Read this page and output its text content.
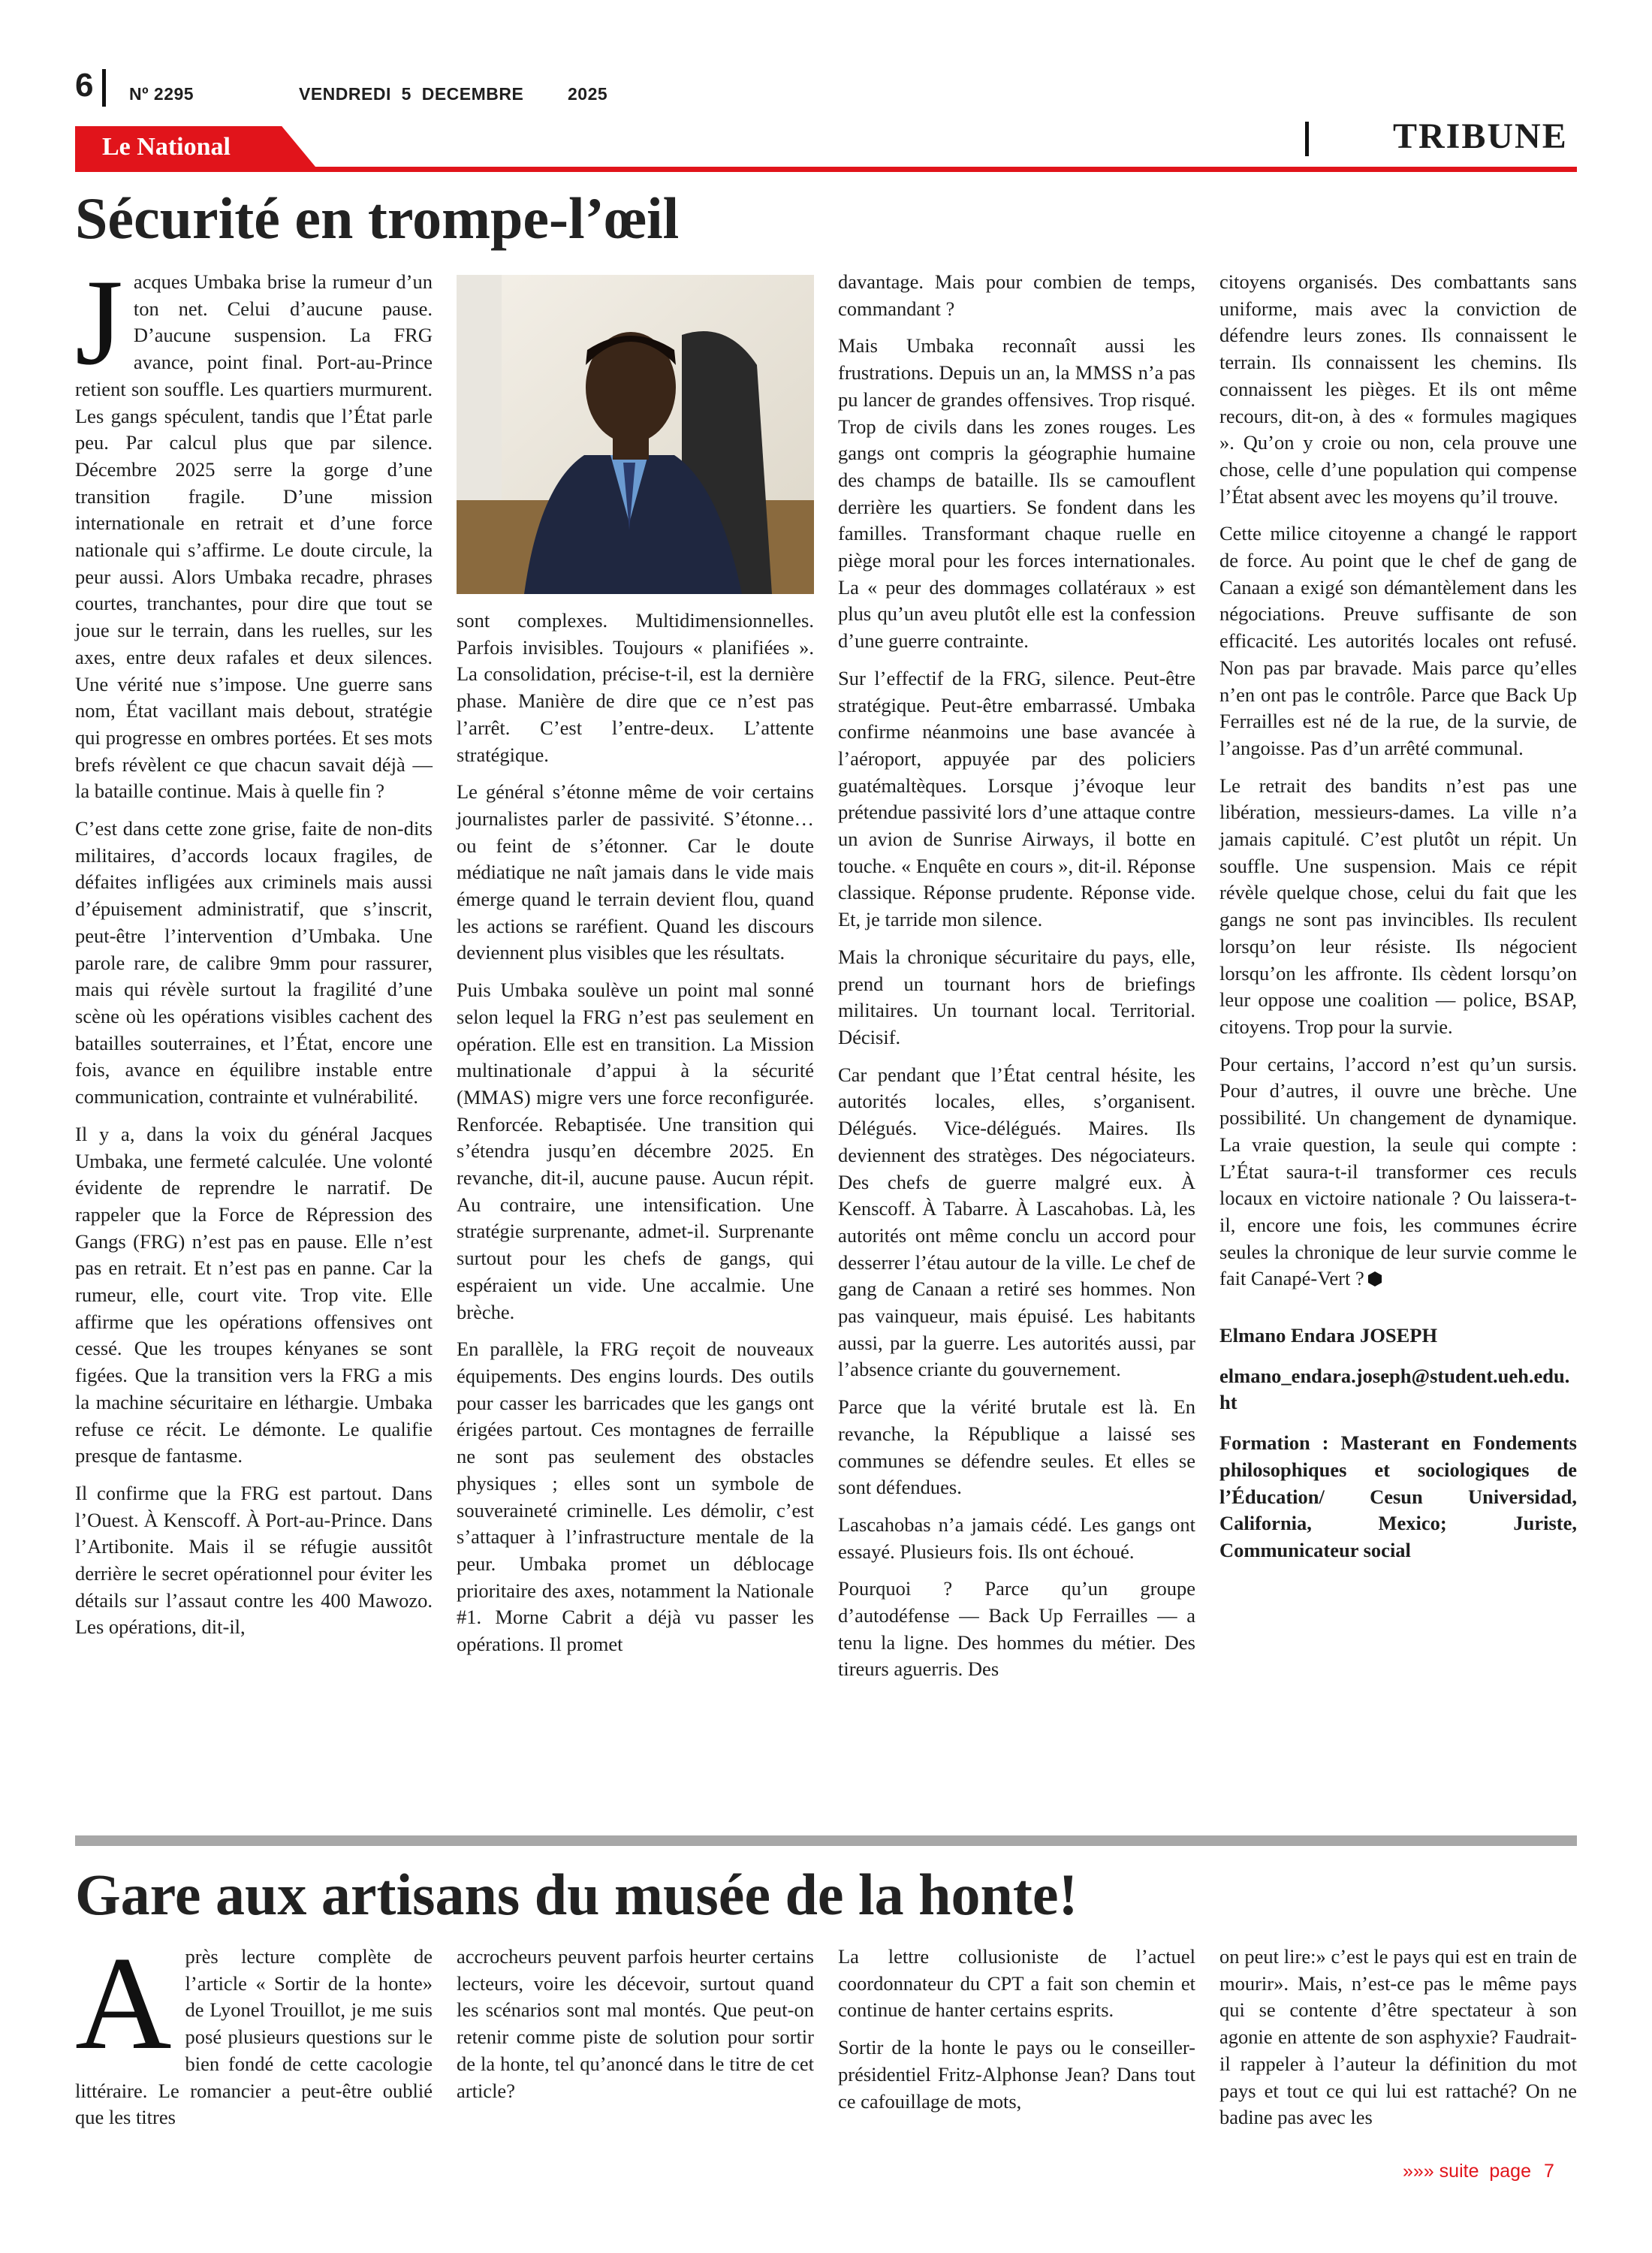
6 Nº 2295	VENDREDI  5  DECEMBRE	2025
Le National	TRIBUNE
Sécurité en trompe-l’œil

Jacques Umbaka brise la rumeur d’un ton net. Celui d’aucune pause. D’aucune suspension. La FRG avance, point final. Port-au-Prince retient son souffle. Les quartiers murmurent. Les gangs spéculent, tandis que l’État parle peu. Par calcul plus que par silence. Décembre 2025 serre la gorge d’une transition fragile. D’une mission internationale en retrait et d’une force nationale qui s’affirme. Le doute circule, la peur aussi. Alors Umbaka recadre, phrases courtes, tranchantes, pour dire que tout se joue sur le terrain, dans les ruelles, sur les axes, entre deux rafales et deux silences. Une vérité nue s’impose. Une guerre sans nom, État vacillant mais debout, stratégie qui progresse en ombres portées. Et ses mots brefs révèlent ce que chacun savait déjà — la bataille continue. Mais à quelle fin ?

C’est dans cette zone grise, faite de non-dits militaires, d’accords locaux fragiles, de défaites infligées aux criminels mais aussi d’épuisement administratif, que s’inscrit, peut-être l’intervention d’Umbaka. Une parole rare, de calibre 9mm pour rassurer, mais qui révèle surtout la fragilité d’une scène où les opérations visibles cachent des batailles souterraines, et l’État, encore une fois, avance en équilibre instable entre communication, contrainte et vulnérabilité.

Il y a, dans la voix du général Jacques Umbaka, une fermeté calculée. Une volonté évidente de reprendre le narratif. De rappeler que la Force de Répression des Gangs (FRG) n’est pas en pause. Elle n’est pas en retrait. Et n’est pas en panne. Car la rumeur, elle, court vite. Trop vite. Elle affirme que les opérations offensives ont cessé. Que les troupes kényanes se sont figées. Que la transition vers la FRG a mis la machine sécuritaire en léthargie. Umbaka refuse ce récit. Le démonte. Le qualifie presque de fantasme.

Il confirme que la FRG est partout. Dans l’Ouest. À Kenscoff. À Port-au-Prince. Dans l’Artibonite. Mais il se réfugie aussitôt derrière le secret opérationnel pour éviter les détails sur l’assaut contre les 400 Mawozo. Les opérations, dit-il,

sont complexes. Multidimensionnelles. Parfois invisibles. Toujours « planifiées ». La consolidation, précise-t-il, est la dernière phase. Manière de dire que ce n’est pas l’arrêt. C’est l’entre-deux. L’attente stratégique.

Le général s’étonne même de voir certains journalistes parler de passivité. S’étonne… ou feint de s’étonner. Car le doute médiatique ne naît jamais dans le vide mais émerge quand le terrain devient flou, quand les actions se raréfient. Quand les discours deviennent plus visibles que les résultats.

Puis Umbaka soulève un point mal sonné selon lequel la FRG n’est pas seulement en opération. Elle est en transition. La Mission multinationale d’appui à la sécurité (MMAS) migre vers une force reconfigurée. Renforcée. Rebaptisée. Une transition qui s’étendra jusqu’en décembre 2025. En revanche, dit-il, aucune pause. Aucun répit. Au contraire, une intensification. Une stratégie surprenante, admet-il. Surprenante surtout pour les chefs de gangs, qui espéraient un vide. Une accalmie. Une brèche.

En parallèle, la FRG reçoit de nouveaux équipements. Des engins lourds. Des outils pour casser les barricades que les gangs ont érigées partout. Ces montagnes de ferraille ne sont pas seulement des obstacles physiques ; elles sont un symbole de souveraineté criminelle. Les démolir, c’est s’attaquer à l’infrastructure mentale de la peur. Umbaka promet un déblocage prioritaire des axes, notamment la Nationale #1. Morne Cabrit a déjà vu passer les opérations. Il promet

davantage. Mais pour combien de temps, commandant ?

Mais Umbaka reconnaît aussi les frustrations. Depuis un an, la MMSS n’a pas pu lancer de grandes offensives. Trop risqué. Trop de civils dans les zones rouges. Les gangs ont compris la géographie humaine des champs de bataille. Ils se camouflent derrière les quartiers. Se fondent dans les familles. Transformant chaque ruelle en piège moral pour les forces internationales. La « peur des dommages collatéraux » est plus qu’un aveu plutôt elle est la confession d’une guerre contrainte.

Sur l’effectif de la FRG, silence. Peut-être stratégique. Peut-être embarrassé. Umbaka confirme néanmoins une base avancée à l’aéroport, appuyée par des policiers guatémaltèques. Lorsque j’évoque leur prétendue passivité lors d’une attaque contre un avion de Sunrise Airways, il botte en touche. « Enquête en cours », dit-il. Réponse classique. Réponse prudente. Réponse vide. Et, je tarride mon silence.

Mais la chronique sécuritaire du pays, elle, prend un tournant hors de briefings militaires. Un tournant local. Territorial. Décisif.

Car pendant que l’État central hésite, les autorités locales, elles, s’organisent. Délégués. Vice-délégués. Maires. Ils deviennent des stratèges. Des négociateurs. Des chefs de guerre malgré eux. À Kenscoff. À Tabarre. À Lascahobas. Là, les autorités ont même conclu un accord pour desserrer l’étau autour de la ville. Le chef de gang de Canaan a retiré ses hommes. Non pas vainqueur, mais épuisé. Les habitants aussi, par la guerre. Les autorités aussi, par l’absence criante du gouvernement.

Parce que la vérité brutale est là. En revanche, la République a laissé ses communes se défendre seules. Et elles se sont défendues.

Lascahobas n’a jamais cédé. Les gangs ont essayé. Plusieurs fois. Ils ont échoué.

Pourquoi ? Parce qu’un groupe d’autodéfense — Back Up Ferrailles — a tenu la ligne. Des hommes du métier. Des tireurs aguerris. Des

citoyens organisés. Des combattants sans uniforme, mais avec la conviction de défendre leurs zones. Ils connaissent le terrain. Ils connaissent les chemins. Ils connaissent les pièges. Et ils ont même recours, dit-on, à des « formules magiques ». Qu’on y croie ou non, cela prouve une chose, celle d’une population qui compense l’État absent avec les moyens qu’il trouve.

Cette milice citoyenne a changé le rapport de force. Au point que le chef de gang de Canaan a exigé son démantèlement dans les négociations. Preuve suffisante de son efficacité. Les autorités locales ont refusé. Non pas par bravade. Mais parce qu’elles n’en ont pas le contrôle. Parce que Back Up Ferrailles est né de la rue, de la survie, de l’angoisse. Pas d’un arrêté communal.

Le retrait des bandits n’est pas une libération, messieurs-dames. La ville n’a jamais capitulé. C’est plutôt un répit. Un souffle. Une suspension. Mais ce répit révèle quelque chose, celui du fait que les gangs ne sont pas invincibles. Ils reculent lorsqu’on leur résiste. Ils négocient lorsqu’on les affronte. Ils cèdent lorsqu’on leur oppose une coalition — police, BSAP, citoyens. Trop pour la survie.

Pour certains, l’accord n’est qu’un sursis. Pour d’autres, il ouvre une brèche. Une possibilité. Un changement de dynamique. La vraie question, la seule qui compte : L’État saura-t-il transformer ces reculs locaux en victoire nationale ? Ou laissera-t-il, encore une fois, les communes écrire seules la chronique de leur survie comme le fait Canapé-Vert ?

Elmano Endara JOSEPH

elmano_endara.joseph@student.ueh.edu.ht

Formation : Masterant en Fondements philosophiques et sociologiques de l’Éducation/ Cesun Universidad, California, Mexico; Juriste, Communicateur social

Gare aux artisans du musée de la honte!

Après lecture complète de l’article « Sortir de la honte» de Lyonel Trouillot, je me suis posé plusieurs questions sur le bien fondé de cette cacologie littéraire. Le romancier a peut-être oublié que les titres

accrocheurs peuvent parfois heurter certains lecteurs, voire les décevoir, surtout quand les scénarios sont mal montés. Que peut-on retenir comme piste de solution pour sortir de la honte, tel qu’anoncé dans le titre de cet article?

La lettre collusioniste de l’actuel coordonnateur du CPT a fait son chemin et continue de hanter certains esprits.

Sortir de la honte le pays ou le conseiller-présidentiel Fritz-Alphonse Jean? Dans tout ce cafouillage de mots,

on peut lire:» c’est le pays qui est en train de mourir». Mais, n’est-ce pas le même pays qui se contente d’être spectateur à son agonie en attente de son asphyxie? Faudrait-il rappeler à l’auteur la définition du mot pays et tout ce qui lui est rattaché? On ne badine pas avec les

»»» suite  page 7
